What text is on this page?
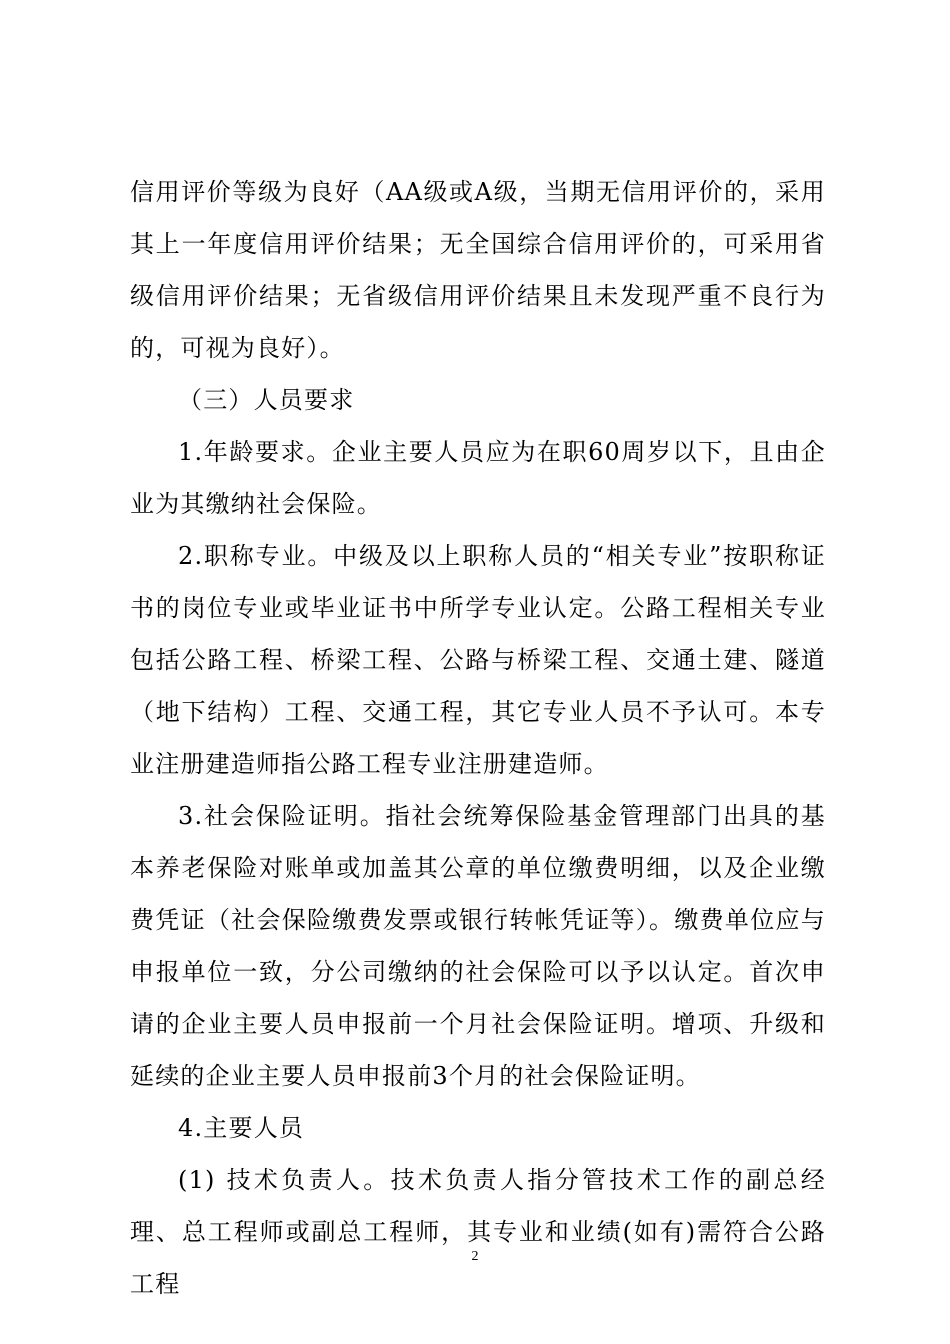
信用评价等级为良好（AA级或A级，当期无信用评价的，采用其上一年度信用评价结果；无全国综合信用评价的，可采用省级信用评价结果；无省级信用评价结果且未发现严重不良行为的，可视为良好）。

（三）人员要求

1.年龄要求。企业主要人员应为在职60周岁以下，且由企业为其缴纳社会保险。

2.职称专业。中级及以上职称人员的“相关专业”按职称证书的岗位专业或毕业证书中所学专业认定。公路工程相关专业包括公路工程、桥梁工程、公路与桥梁工程、交通土建、隧道（地下结构）工程、交通工程，其它专业人员不予认可。本专业注册建造师指公路工程专业注册建造师。

3.社会保险证明。指社会统筹保险基金管理部门出具的基本养老保险对账单或加盖其公章的单位缴费明细，以及企业缴费凭证（社会保险缴费发票或银行转帐凭证等）。缴费单位应与申报单位一致，分公司缴纳的社会保险可以予以认定。首次申请的企业主要人员申报前一个月社会保险证明。增项、升级和延续的企业主要人员申报前3个月的社会保险证明。

4.主要人员

(1) 技术负责人。技术负责人指分管技术工作的副总经理、总工程师或副总工程师，其专业和业绩(如有)需符合公路工程

2
